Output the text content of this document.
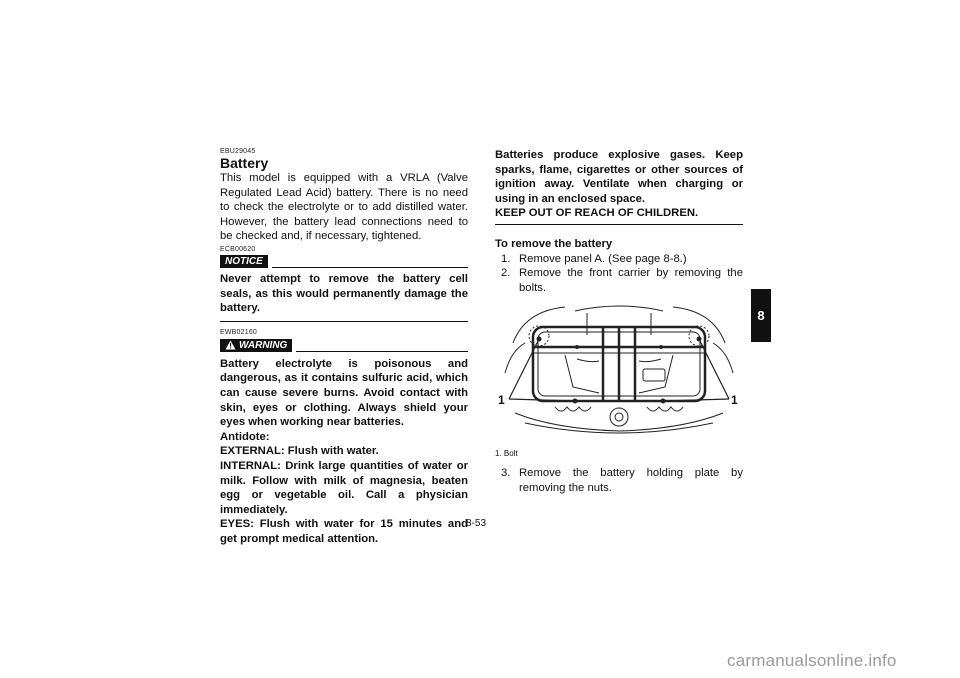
EBU29045
Battery
This model is equipped with a VRLA (Valve Regulated Lead Acid) battery. There is no need to check the electrolyte or to add distilled water. However, the battery lead connections need to be checked and, if necessary, tightened.
ECB00620
NOTICE
Never attempt to remove the battery cell seals, as this would permanently damage the battery.
EWB02160
WARNING
Battery electrolyte is poisonous and dangerous, as it contains sulfuric acid, which can cause severe burns. Avoid contact with skin, eyes or clothing. Always shield your eyes when working near batteries.
Antidote:
EXTERNAL: Flush with water.
INTERNAL: Drink large quantities of water or milk. Follow with milk of magnesia, beaten egg or vegetable oil. Call a physician immediately.
EYES: Flush with water for 15 minutes and get prompt medical attention.
Batteries produce explosive gases. Keep sparks, flame, cigarettes or other sources of ignition away. Ventilate when charging or using in an enclosed space.
KEEP OUT OF REACH OF CHILDREN.
To remove the battery
1. Remove panel A. (See page 8-8.)
2. Remove the front carrier by removing the bolts.
1	1
1. Bolt
3. Remove the battery holding plate by removing the nuts.
8
8-53
carmanualsonline.info
